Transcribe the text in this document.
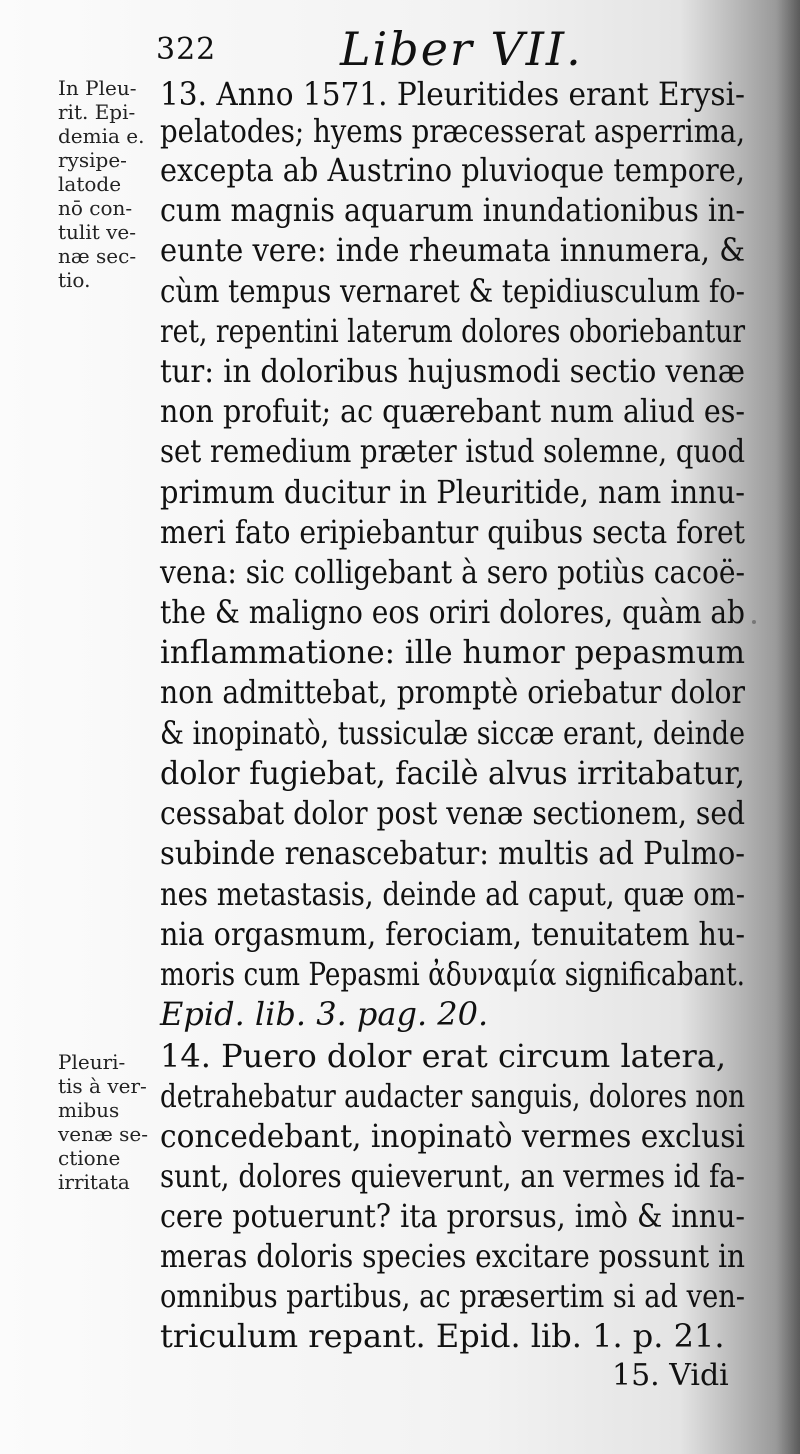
322	Liber VII.
In Pleu-
rit. Epi-
demia e.
rysipe-
latode
nō con-
tulit ve-
næ sec-
tio.
Pleuri-
tis à ver-
mibus
venæ se-
ctione
irritata
13. Anno 1571. Pleuritides erant Erysi-
pelatodes; hyems præcesserat asperrima,
excepta ab Austrino pluvioque tempore,
cum magnis aquarum inundationibus in-
eunte vere: inde rheumata innumera, &
cùm tempus vernaret & tepidiusculum fo-
ret, repentini laterum dolores oboriebantur
tur: in doloribus hujusmodi sectio venæ
non profuit; ac quærebant num aliud es-
set remedium præter istud solemne, quod
primum ducitur in Pleuritide, nam innu-
meri fato eripiebantur quibus secta foret
vena: sic colligebant à sero potiùs cacoë-
the & maligno eos oriri dolores, quàm ab
inflammatione: ille humor pepasmum
non admittebat, promptè oriebatur dolor
& inopinatò, tussiculæ siccæ erant, deinde
dolor fugiebat, facilè alvus irritabatur,
cessabat dolor post venæ sectionem, sed
subinde renascebatur: multis ad Pulmo-
nes metastasis, deinde ad caput, quæ om-
nia orgasmum, ferociam, tenuitatem hu-
moris cum Pepasmi ἀδυναμία significabant.
Epid. lib. 3. pag. 20.
14. Puero dolor erat circum latera,
detrahebatur audacter sanguis, dolores non
concedebant, inopinatò vermes exclusi
sunt, dolores quieverunt, an vermes id fa-
cere potuerunt? ita prorsus, imò & innu-
meras doloris species excitare possunt in
omnibus partibus, ac præsertim si ad ven-
triculum repant. Epid. lib. 1. p. 21.
15. Vidi
